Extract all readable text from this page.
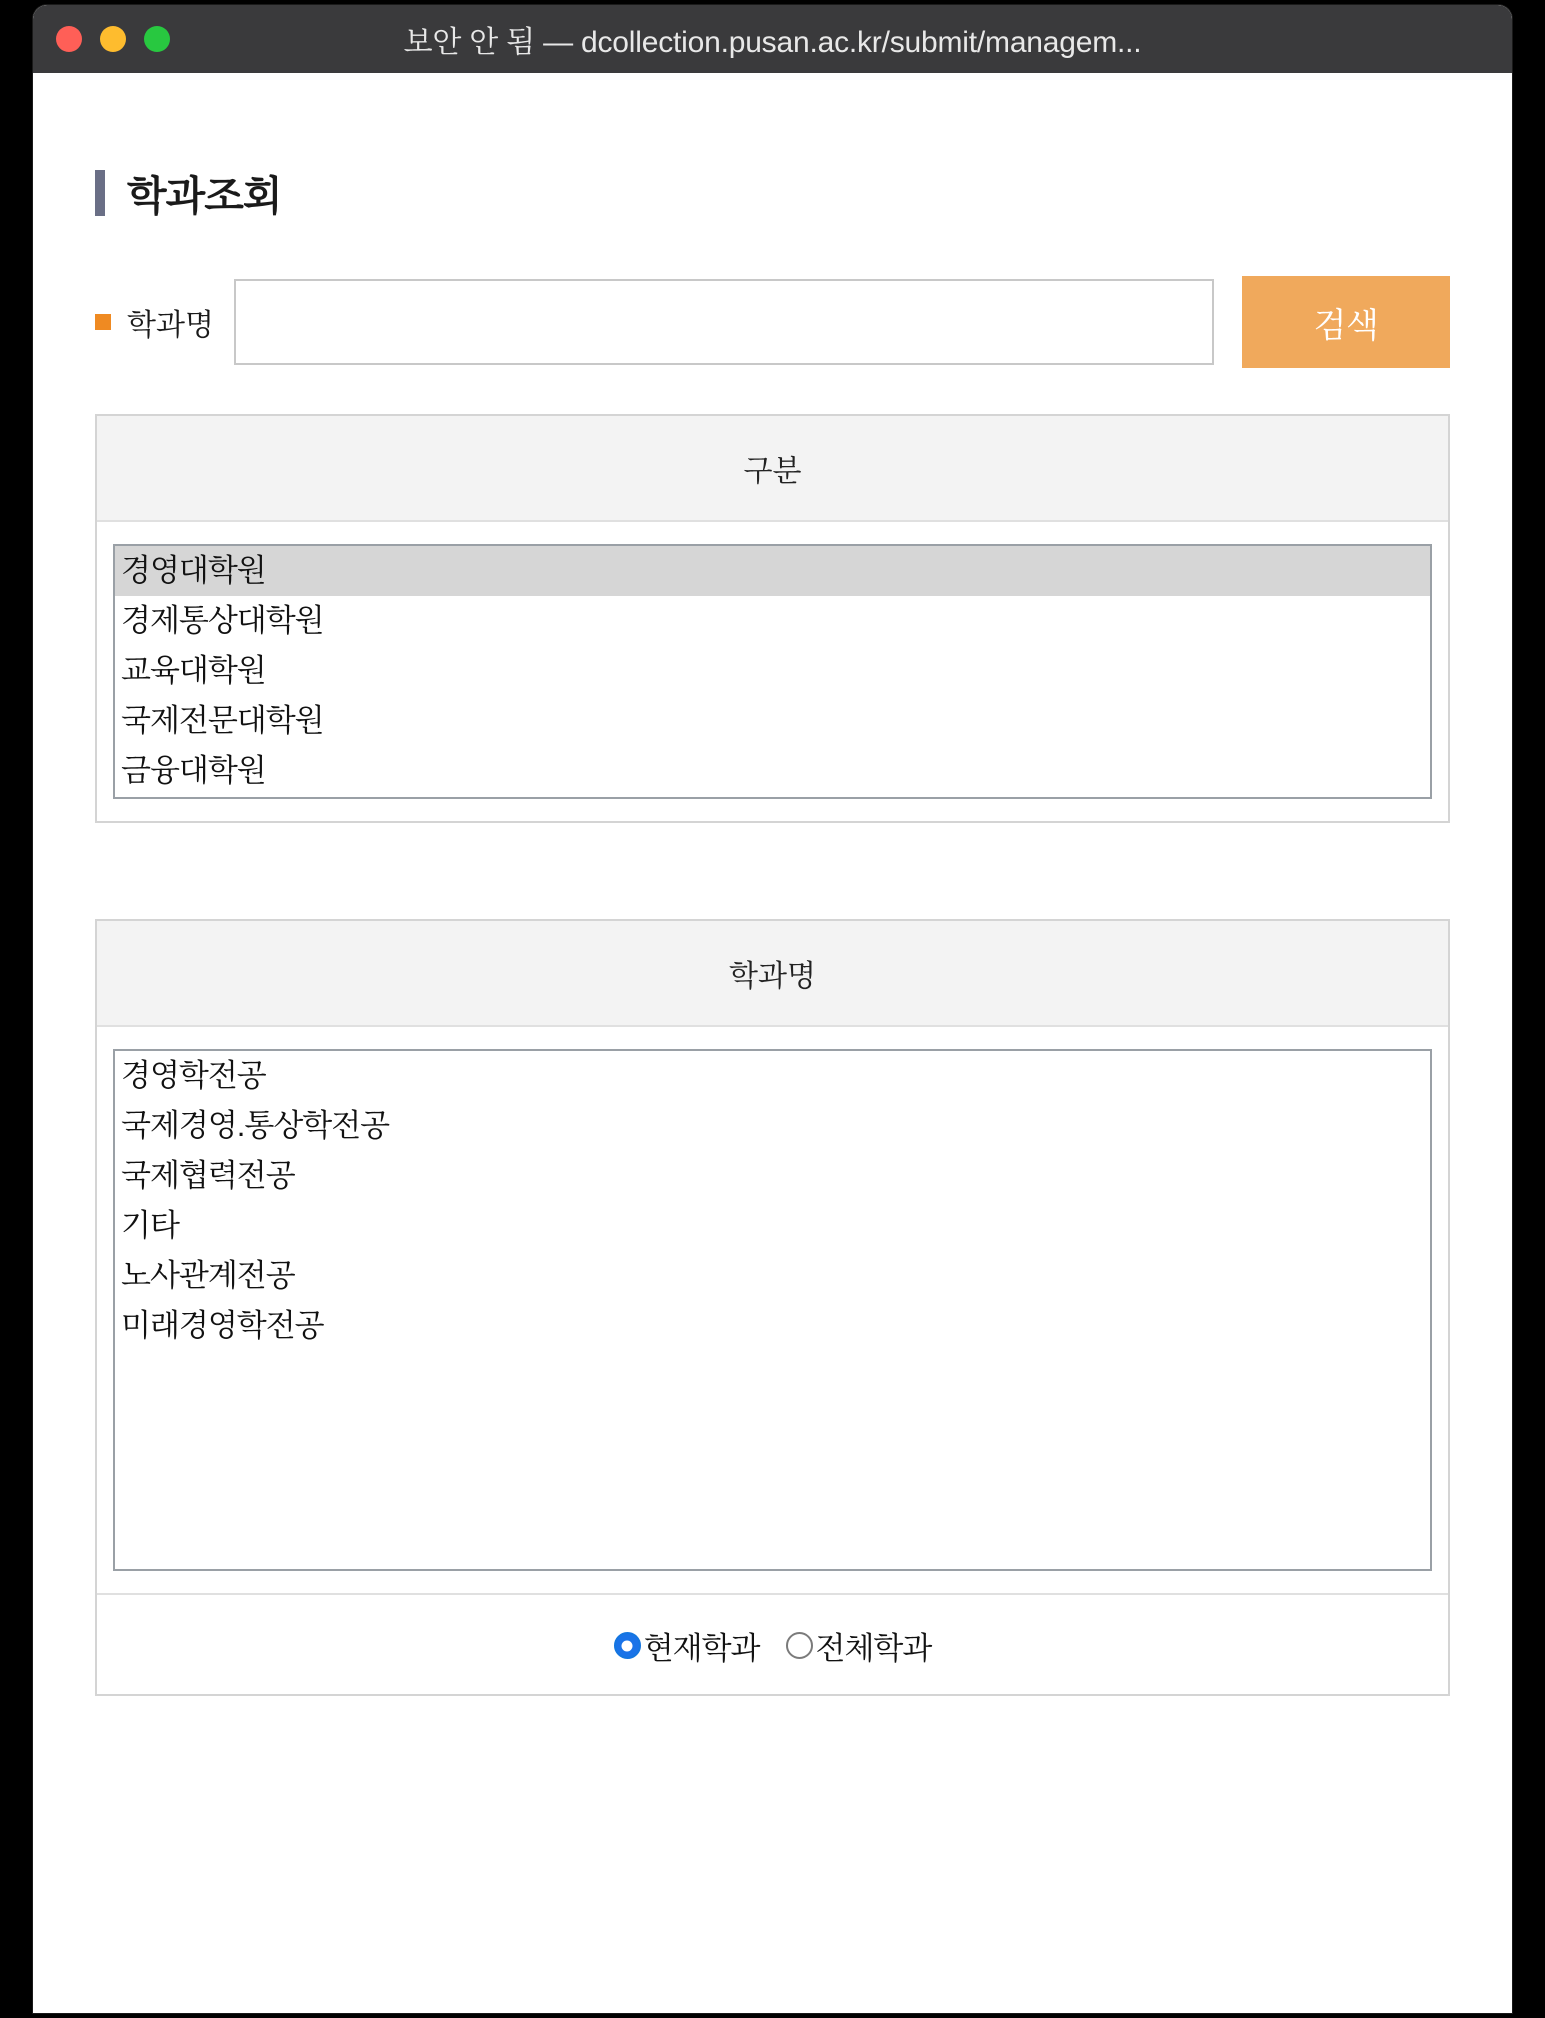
보안 안 됨 — dcollection.pusan.ac.kr/submit/managem...
학과조회
학과명	검색
구분
경영대학원
경제통상대학원
교육대학원
국제전문대학원
금융대학원
학과명
경영학전공
국제경영.통상학전공
국제협력전공
기타
노사관계전공
미래경영학전공
현재학과 전체학과
